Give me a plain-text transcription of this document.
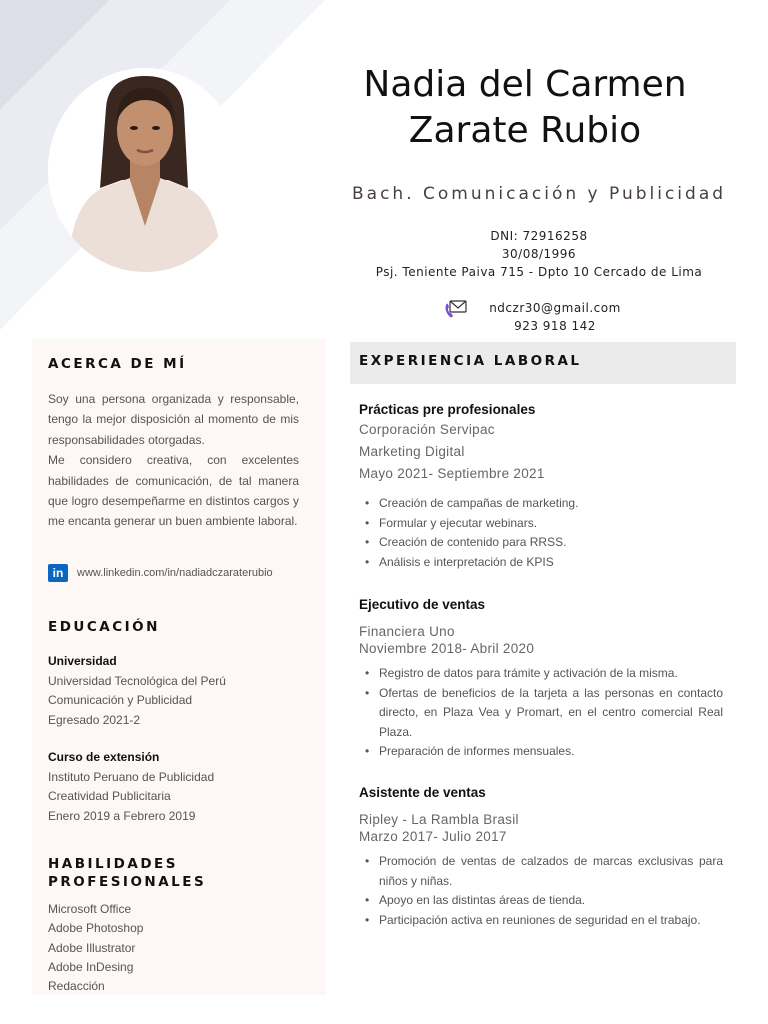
Nadia del Carmen
Zarate Rubio
Bach. Comunicación y Publicidad
DNI: 72916258
30/08/1996
Psj. Teniente Paiva 715 - Dpto 10 Cercado de Lima
ndczr30@gmail.com
923 918 142
ACERCA DE MÍ

Soy una persona organizada y responsable, tengo la mejor disposición al momento de mis responsabilidades otorgadas.

Me considero creativa, con excelentes habilidades de comunicación, de tal manera que logro desempeñarme en distintos cargos y me encanta generar un buen ambiente laboral.

in	www.linkedin.com/in/nadiadczaraterubio
EDUCACIÓN
Universidad
Universidad Tecnológica del Perú
Comunicación y Publicidad
Egresado 2021-2
Curso de extensión
Instituto Peruano de Publicidad
Creatividad Publicitaria
Enero 2019 a Febrero 2019
HABILIDADES
PROFESIONALES
Microsoft Office
Adobe Photoshop
Adobe Illustrator
Adobe InDesing
Redacción
EXPERIENCIA LABORAL
Prácticas pre profesionales
Corporación Servipac
Marketing Digital
Mayo 2021- Septiembre 2021
• Creación de campañas de marketing.
• Formular y ejecutar webinars.
• Creación de contenido para RRSS.
• Análisis e interpretación de KPIS
Ejecutivo de ventas
Financiera Uno
Noviembre 2018- Abril 2020
• Registro de datos para trámite y activación de la misma.
• Ofertas de beneficios de la tarjeta a las personas en contacto directo, en Plaza Vea y Promart, en el centro comercial Real Plaza.
• Preparación de informes mensuales.
Asistente de ventas
Ripley - La Rambla Brasil
Marzo 2017- Julio 2017
• Promoción de ventas de calzados de marcas exclusivas para niños y niñas.
• Apoyo en las distintas áreas de tienda.
• Participación activa en reuniones de seguridad en el trabajo.
